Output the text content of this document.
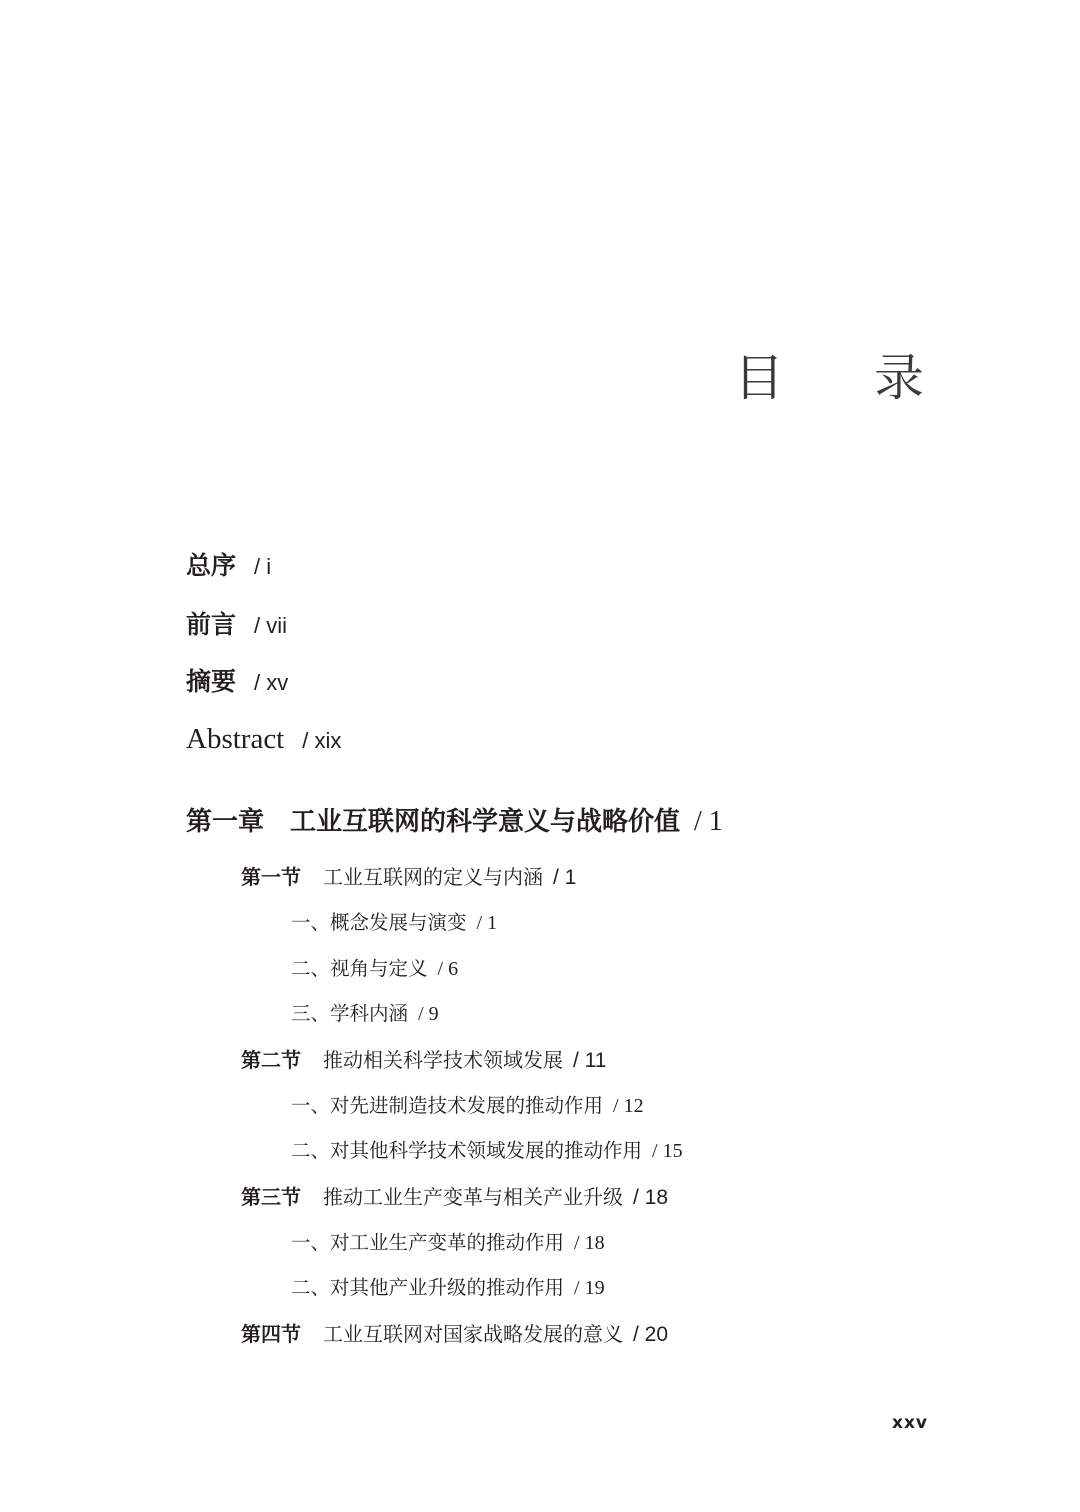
目 录
总序 / i
前言 / vii
摘要 / xv
Abstract / xix
第一章 工业互联网的科学意义与战略价值 / 1
第一节 工业互联网的定义与内涵 / 1
一、概念发展与演变 / 1
二、视角与定义 / 6
三、学科内涵 / 9
第二节 推动相关科学技术领域发展 / 11
一、对先进制造技术发展的推动作用 / 12
二、对其他科学技术领域发展的推动作用 / 15
第三节 推动工业生产变革与相关产业升级 / 18
一、对工业生产变革的推动作用 / 18
二、对其他产业升级的推动作用 / 19
第四节 工业互联网对国家战略发展的意义 / 20
xxv
